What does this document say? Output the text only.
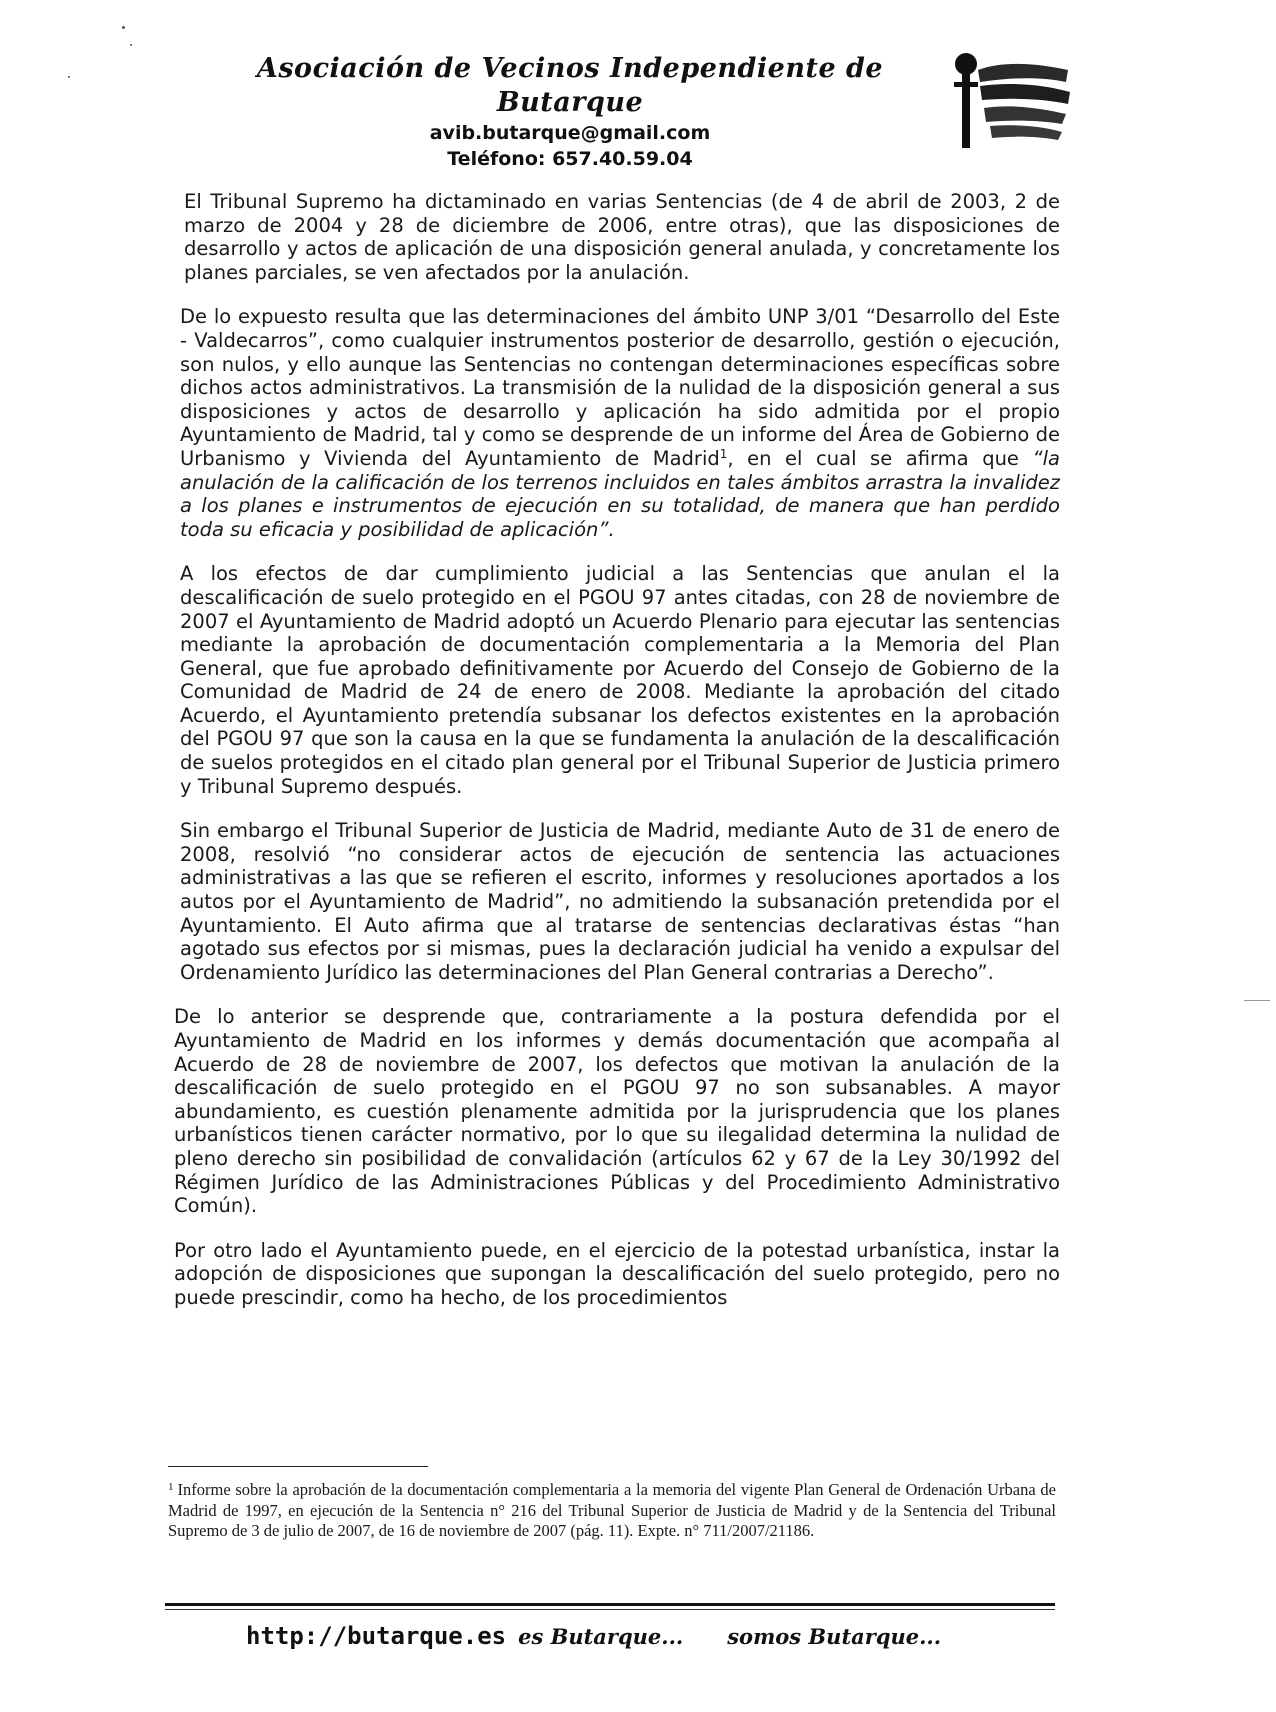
Asociación de Vecinos Independiente de Butarque

avib.butarque@gmail.com

Teléfono: 657.40.59.04

El Tribunal Supremo ha dictaminado en varias Sentencias (de 4 de abril de 2003, 2 de marzo de 2004 y 28 de diciembre de 2006, entre otras), que las disposiciones de desarrollo y actos de aplicación de una disposición general anulada, y concretamente los planes parciales, se ven afectados por la anulación.

De lo expuesto resulta que las determinaciones del ámbito UNP 3/01 “Desarrollo del Este - Valdecarros”, como cualquier instrumentos posterior de desarrollo, gestión o ejecución, son nulos, y ello aunque las Sentencias no contengan determinaciones específicas sobre dichos actos administrativos. La transmisión de la nulidad de la disposición general a sus disposiciones y actos de desarrollo y aplicación ha sido admitida por el propio Ayuntamiento de Madrid, tal y como se desprende de un informe del Área de Gobierno de Urbanismo y Vivienda del Ayuntamiento de Madrid$^1$, en el cual se afirma que “la anulación de la calificación de los terrenos incluidos en tales ámbitos arrastra la invalidez a los planes e instrumentos de ejecución en su totalidad, de manera que han perdido toda su eficacia y posibilidad de aplicación”.

A los efectos de dar cumplimiento judicial a las Sentencias que anulan el la descalificación de suelo protegido en el PGOU 97 antes citadas, con 28 de noviembre de 2007 el Ayuntamiento de Madrid adoptó un Acuerdo Plenario para ejecutar las sentencias mediante la aprobación de documentación complementaria a la Memoria del Plan General, que fue aprobado definitivamente por Acuerdo del Consejo de Gobierno de la Comunidad de Madrid de 24 de enero de 2008. Mediante la aprobación del citado Acuerdo, el Ayuntamiento pretendía subsanar los defectos existentes en la aprobación del PGOU 97 que son la causa en la que se fundamenta la anulación de la descalificación de suelos protegidos en el citado plan general por el Tribunal Superior de Justicia primero y Tribunal Supremo después.

Sin embargo el Tribunal Superior de Justicia de Madrid, mediante Auto de 31 de enero de 2008, resolvió “no considerar actos de ejecución de sentencia las actuaciones administrativas a las que se refieren el escrito, informes y resoluciones aportados a los autos por el Ayuntamiento de Madrid”, no admitiendo la subsanación pretendida por el Ayuntamiento. El Auto afirma que al tratarse de sentencias declarativas éstas “han agotado sus efectos por si mismas, pues la declaración judicial ha venido a expulsar del Ordenamiento Jurídico las determinaciones del Plan General contrarias a Derecho”.

De lo anterior se desprende que, contrariamente a la postura defendida por el Ayuntamiento de Madrid en los informes y demás documentación que acompaña al Acuerdo de 28 de noviembre de 2007, los defectos que motivan la anulación de la descalificación de suelo protegido en el PGOU 97 no son subsanables. A mayor abundamiento, es cuestión plenamente admitida por la jurisprudencia que los planes urbanísticos tienen carácter normativo, por lo que su ilegalidad determina la nulidad de pleno derecho sin posibilidad de convalidación (artículos 62 y 67 de la Ley 30/1992 del Régimen Jurídico de las Administraciones Públicas y del Procedimiento Administrativo Común).

Por otro lado el Ayuntamiento puede, en el ejercicio de la potestad urbanística, instar la adopción de disposiciones que supongan la descalificación del suelo protegido, pero no puede prescindir, como ha hecho, de los procedimientos

$^1$ Informe sobre la aprobación de la documentación complementaria a la memoria del vigente Plan General de Ordenación Urbana de Madrid de 1997, en ejecución de la Sentencia n° 216 del Tribunal Superior de Justicia de Madrid y de la Sentencia del Tribunal Supremo de 3 de julio de 2007, de 16 de noviembre de 2007 (pág. 11). Expte. n° 711/2007/21186.
http://butarque.es es Butarque... somos Butarque...
